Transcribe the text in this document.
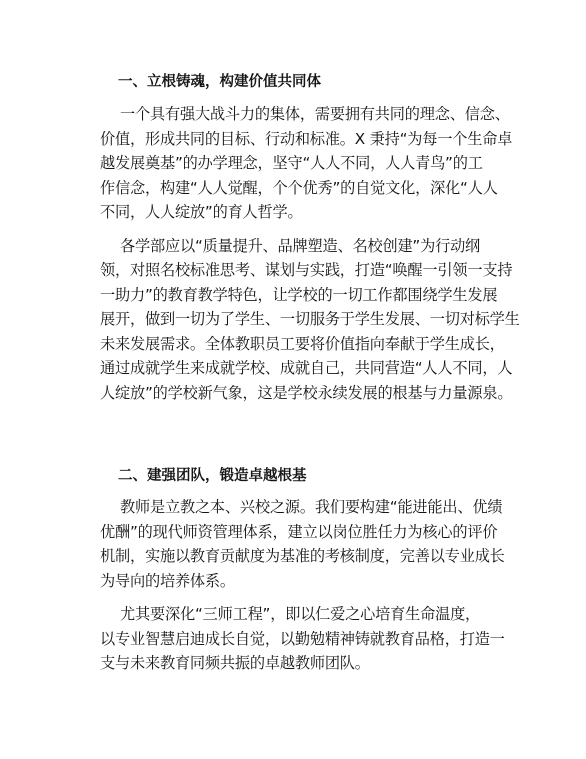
一、立根铸魂，构建价值共同体

一个具有强大战斗力的集体，需要拥有共同的理念、信念、
价值，形成共同的目标、行动和标准。X 秉持“为每一个生命卓
越发展奠基”的办学理念，坚守“人人不同，人人青鸟”的工
作信念，构建“人人觉醒，个个优秀”的自觉文化，深化“人人
不同，人人绽放”的育人哲学。

各学部应以“质量提升、品牌塑造、名校创建”为行动纲
领，对照名校标准思考、谋划与实践，打造“唤醒一引领一支持
一助力”的教育教学特色，让学校的一切工作都围绕学生发展
展开，做到一切为了学生、一切服务于学生发展、一切对标学生
未来发展需求。全体教职员工要将价值指向奉献于学生成长，
通过成就学生来成就学校、成就自己，共同营造“人人不同，人
人绽放”的学校新气象，这是学校永续发展的根基与力量源泉。

二、建强团队，锻造卓越根基

教师是立教之本、兴校之源。我们要构建“能进能出、优绩
优酬”的现代师资管理体系，建立以岗位胜任力为核心的评价
机制，实施以教育贡献度为基准的考核制度，完善以专业成长
为导向的培养体系。

尤其要深化“三师工程”，即以仁爱之心培育生命温度，
以专业智慧启迪成长自觉，以勤勉精神铸就教育品格，打造一
支与未来教育同频共振的卓越教师团队。
